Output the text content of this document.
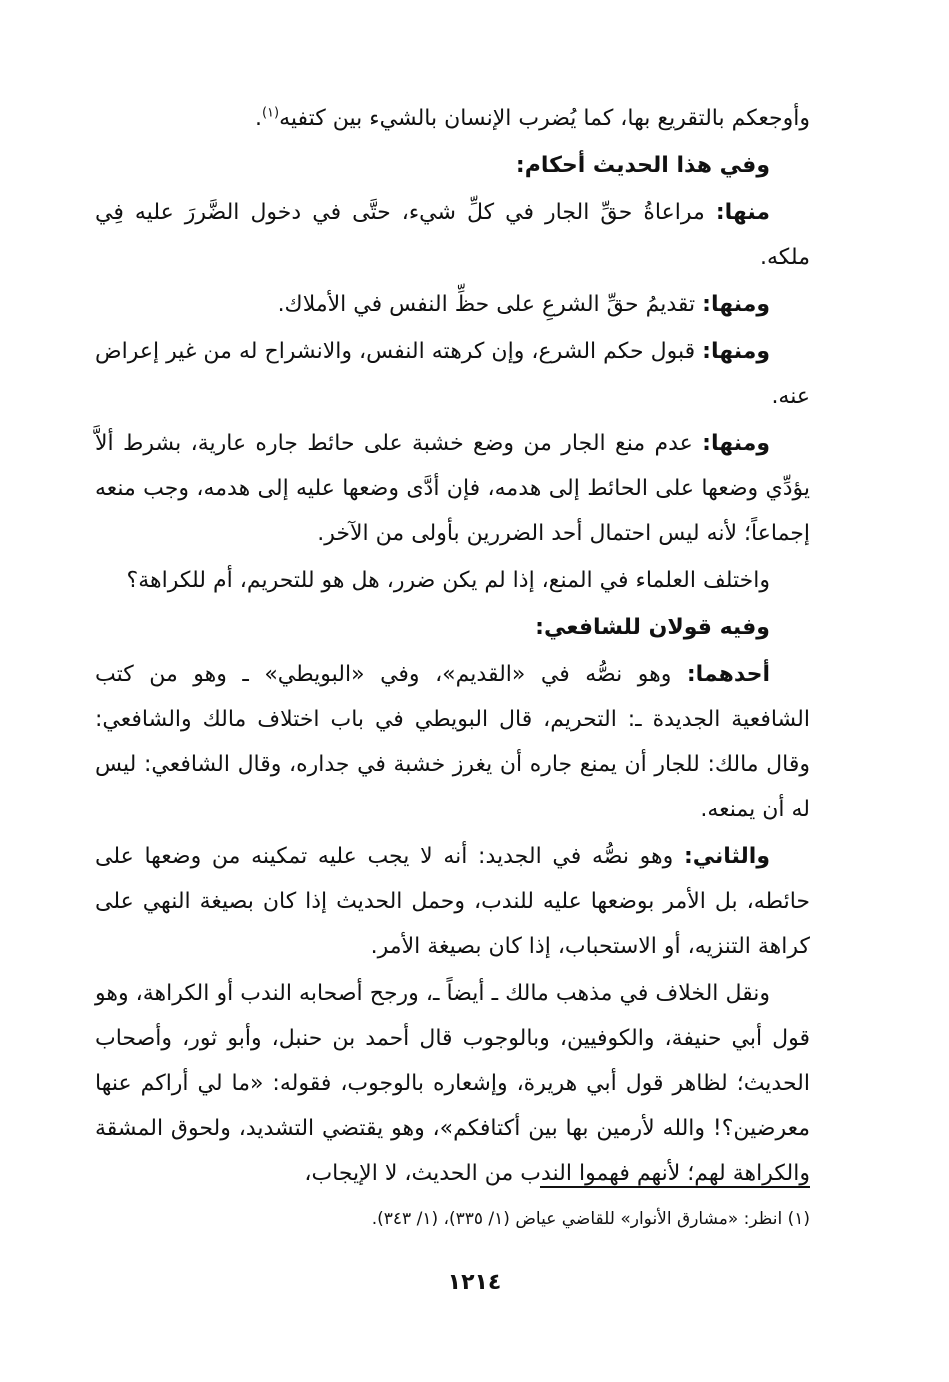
وأوجعكم بالتقريع بها، كما يُضرب الإنسان بالشيء بين كتفيه$^{(١)}$.

وفي هذا الحديث أحكام:

منها: مراعاةُ حقِّ الجار في كلِّ شيء، حتَّى في دخول الضَّررَ عليه فِي ملكه.

ومنها: تقديمُ حقِّ الشرعِ على حظِّ النفس في الأملاك.

ومنها: قبول حكم الشرع، وإن كرهته النفس، والانشراح له من غير إعراض عنه.

ومنها: عدم منع الجار من وضع خشبة على حائط جاره عارية، بشرط ألاَّ يؤدِّي وضعها على الحائط إلى هدمه، فإن أدَّى وضعها عليه إلى هدمه، وجب منعه إجماعاً؛ لأنه ليس احتمال أحد الضررين بأولى من الآخر.

واختلف العلماء في المنع، إذا لم يكن ضرر، هل هو للتحريم، أم للكراهة؟

وفيه قولان للشافعي:

أحدهما: وهو نصُّه في «القديم»، وفي «البويطي» ـ وهو من كتب الشافعية الجديدة ـ: التحريم، قال البويطي في باب اختلاف مالك والشافعي: وقال مالك: للجار أن يمنع جاره أن يغرز خشبة في جداره، وقال الشافعي: ليس له أن يمنعه.

والثاني: وهو نصُّه في الجديد: أنه لا يجب عليه تمكينه من وضعها على حائطه، بل الأمر بوضعها عليه للندب، وحمل الحديث إذا كان بصيغة النهي على كراهة التنزيه، أو الاستحباب، إذا كان بصيغة الأمر.

ونقل الخلاف في مذهب مالك ـ أيضاً ـ، ورجح أصحابه الندب أو الكراهة، وهو قول أبي حنيفة، والكوفيين، وبالوجوب قال أحمد بن حنبل، وأبو ثور، وأصحاب الحديث؛ لظاهر قول أبي هريرة، وإشعاره بالوجوب، فقوله: «ما لي أراكم عنها معرضين؟! والله لأرمين بها بين أكتافكم»، وهو يقتضي التشديد، ولحوق المشقة والكراهة لهم؛ لأنهم فهموا الندب من الحديث، لا الإيجاب،

(١) انظر: «مشارق الأنوار» للقاضي عياض (١/ ٣٣٥)، (١/ ٣٤٣).
١٢١٤
